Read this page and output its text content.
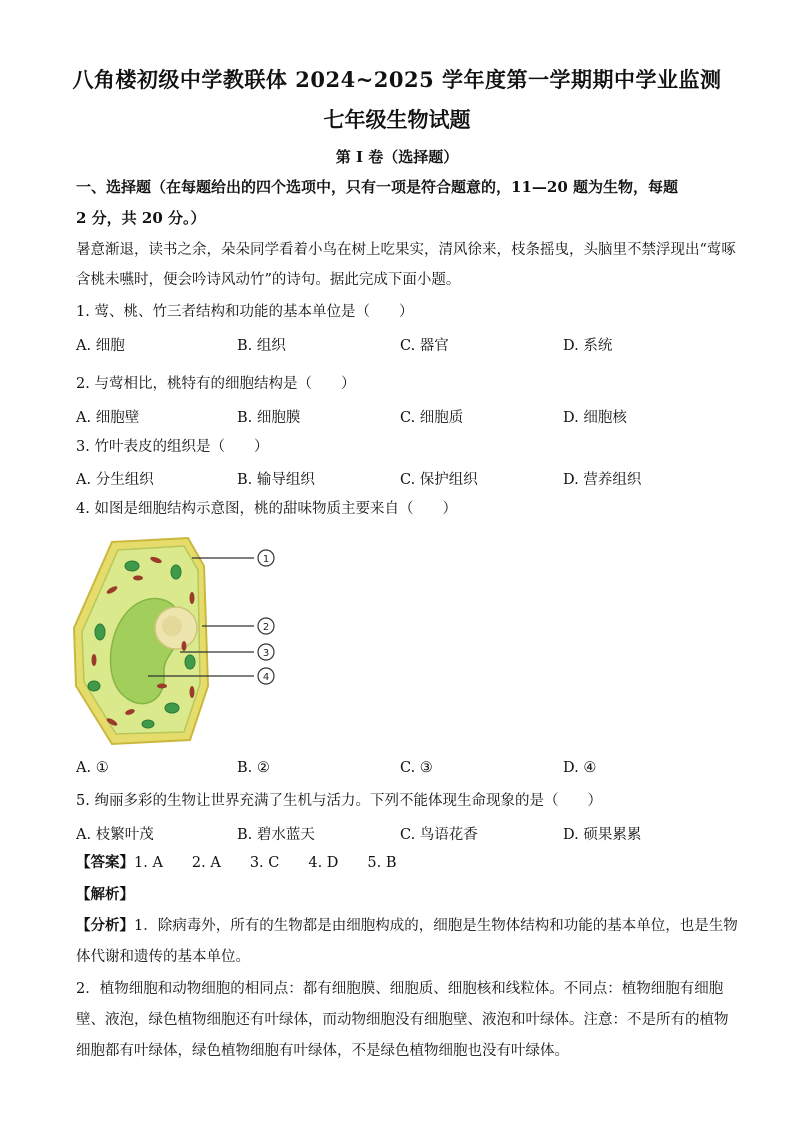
八角楼初级中学教联体 2024~2025 学年度第一学期期中学业监测
七年级生物试题
第 I 卷（选择题）
一、选择题（在每题给出的四个选项中，只有一项是符合题意的，11—20 题为生物，每题
2 分，共 20 分。）
暑意渐退，读书之余，朵朵同学看着小鸟在树上吃果实，清风徐来，枝条摇曳，头脑里不禁浮现出“莺啄
含桃未嚥时，便会吟诗风动竹”的诗句。据此完成下面小题。
1. 莺、桃、竹三者结构和功能的基本单位是（　　）
A. 细胞	B. 组织	C. 器官	D. 系统
2. 与莺相比，桃特有的细胞结构是（　　）
A. 细胞壁	B. 细胞膜	C. 细胞质	D. 细胞核
3. 竹叶表皮的组织是（　　）
A. 分生组织	B. 输导组织	C. 保护组织	D. 营养组织
4. 如图是细胞结构示意图，桃的甜味物质主要来自（　　）
1
2
3
4
A. ①	B. ②	C. ③	D. ④
5. 绚丽多彩的生物让世界充满了生机与活力。下列不能体现生命现象的是（　　）
A. 枝繁叶茂	B. 碧水蓝天	C. 鸟语花香	D. 硕果累累
【答案】1. A　　2. A　　3. C　　4. D　　5. B
【解析】
【分析】1．除病毒外，所有的生物都是由细胞构成的，细胞是生物体结构和功能的基本单位，也是生物
体代谢和遗传的基本单位。
2．植物细胞和动物细胞的相同点：都有细胞膜、细胞质、细胞核和线粒体。不同点：植物细胞有细胞
壁、液泡，绿色植物细胞还有叶绿体，而动物细胞没有细胞壁、液泡和叶绿体。注意：不是所有的植物
细胞都有叶绿体，绿色植物细胞有叶绿体，不是绿色植物细胞也没有叶绿体。
